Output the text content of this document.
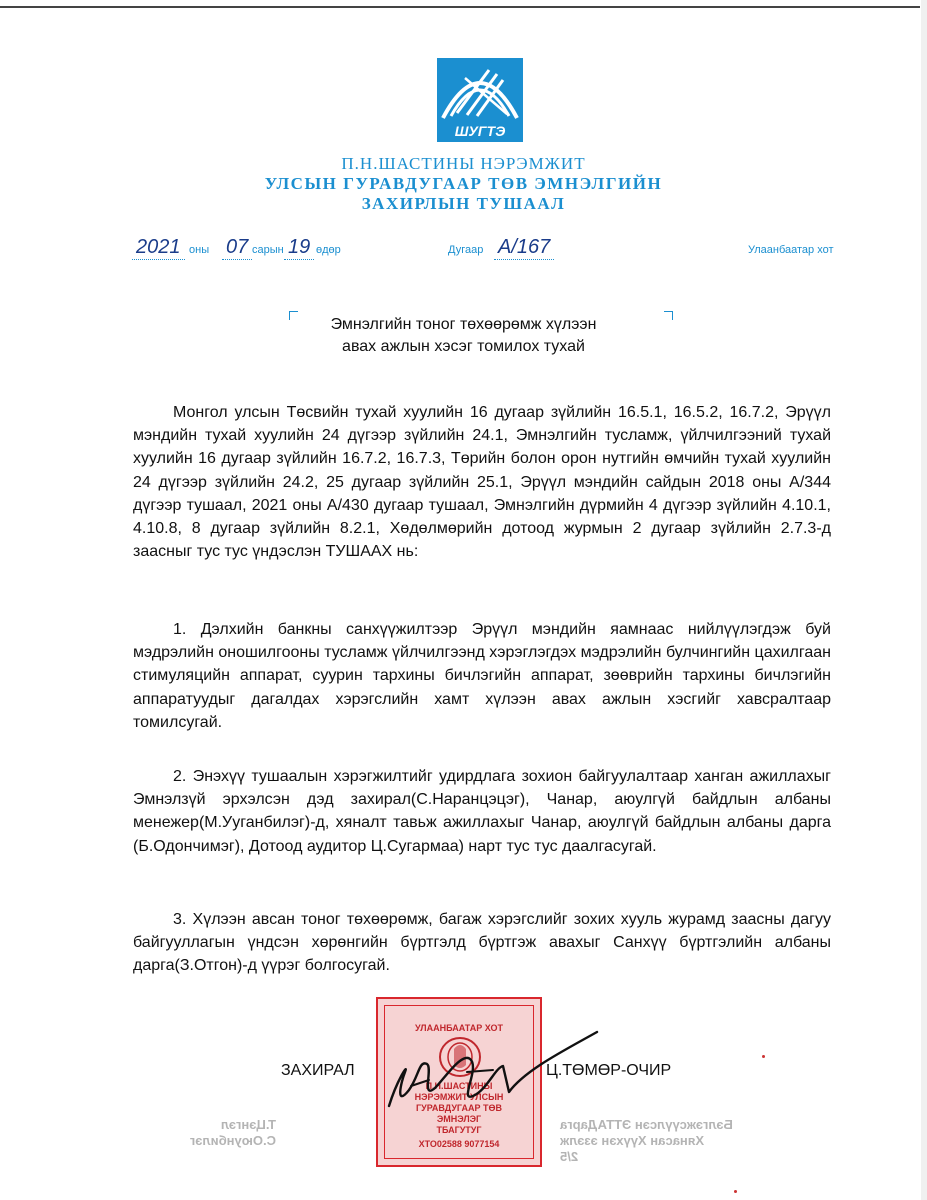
ШУГТЭ
П.Н.ШАСТИНЫ НЭРЭМЖИТ
УЛСЫН ГУРАВДУГААР ТӨВ ЭМНЭЛГИЙН
ЗАХИРЛЫН ТУШААЛ
2021 оны 07 сарын 19 өдөр	Дугаар А/167	Улаанбаатар хот
Эмнэлгийн тоног төхөөрөмж хүлээн
авах ажлын хэсэг томилох тухай

Монгол улсын Төсвийн тухай хуулийн 16 дугаар зүйлийн 16.5.1, 16.5.2, 16.7.2, Эрүүл мэндийн тухай хуулийн 24 дүгээр зүйлийн 24.1, Эмнэлгийн тусламж, үйлчилгээний тухай хуулийн 16 дугаар зүйлийн 16.7.2, 16.7.3, Төрийн болон орон нутгийн өмчийн тухай хуулийн 24 дүгээр зүйлийн 24.2, 25 дугаар зүйлийн 25.1, Эрүүл мэндийн сайдын 2018 оны А/344 дүгээр тушаал, 2021 оны А/430 дугаар тушаал, Эмнэлгийн дүрмийн 4 дүгээр зүйлийн 4.10.1, 4.10.8, 8 дугаар зүйлийн 8.2.1, Хөдөлмөрийн дотоод журмын 2 дугаар зүйлийн 2.7.3-д заасныг тус тус үндэслэн ТУШААХ нь:

1. Дэлхийн банкны санхүүжилтээр Эрүүл мэндийн яамнаас нийлүүлэгдэж буй мэдрэлийн оношилгооны тусламж үйлчилгээнд хэрэглэгдэх мэдрэлийн булчингийн цахилгаан стимуляцийн аппарат, суурин тархины бичлэгийн аппарат, зөөврийн тархины бичлэгийн аппаратуудыг дагалдах хэрэгслийн хамт хүлээн авах ажлын хэсгийг хавсралтаар томилсугай.

2. Энэхүү тушаалын хэрэгжилтийг удирдлага зохион байгуулалтаар ханган ажиллахыг Эмнэлзүй эрхэлсэн дэд захирал(С.Наранцэцэг), Чанар, аюулгүй байдлын албаны менежер(М.Ууганбилэг)-д, хяналт тавьж ажиллахыг Чанар, аюулгүй байдлын албаны дарга (Б.Одончимэг), Дотоод аудитор Ц.Сугармаа) нарт тус тус даалгасугай.

3. Хүлээн авсан тоног төхөөрөмж, багаж хэрэгслийг зохих хууль журамд заасны дагуу байгууллагын үндсэн хөрөнгийн бүртгэлд бүртгэж авахыг Санхүү бүртгэлийн албаны дарга(З.Отгон)-д үүрэг болгосугай.

Бэлгэжсүүлсэн ЭТТАДарга
Хянасан Хүүхэн эзэлж
2/5
Т.Цэнгэл
С.Оюунбилэг
УЛААНБААТАР ХОТ
П.Н.ШАСТИНЫ
НЭРЭМЖИТ УЛСЫН
ГУРАВДУГААР ТӨВ
ЭМНЭЛЭГ
ТБАГУТУГ
ХТО02588 9077154
ЗАХИРАЛ	Ц.ТӨМӨР-ОЧИР
